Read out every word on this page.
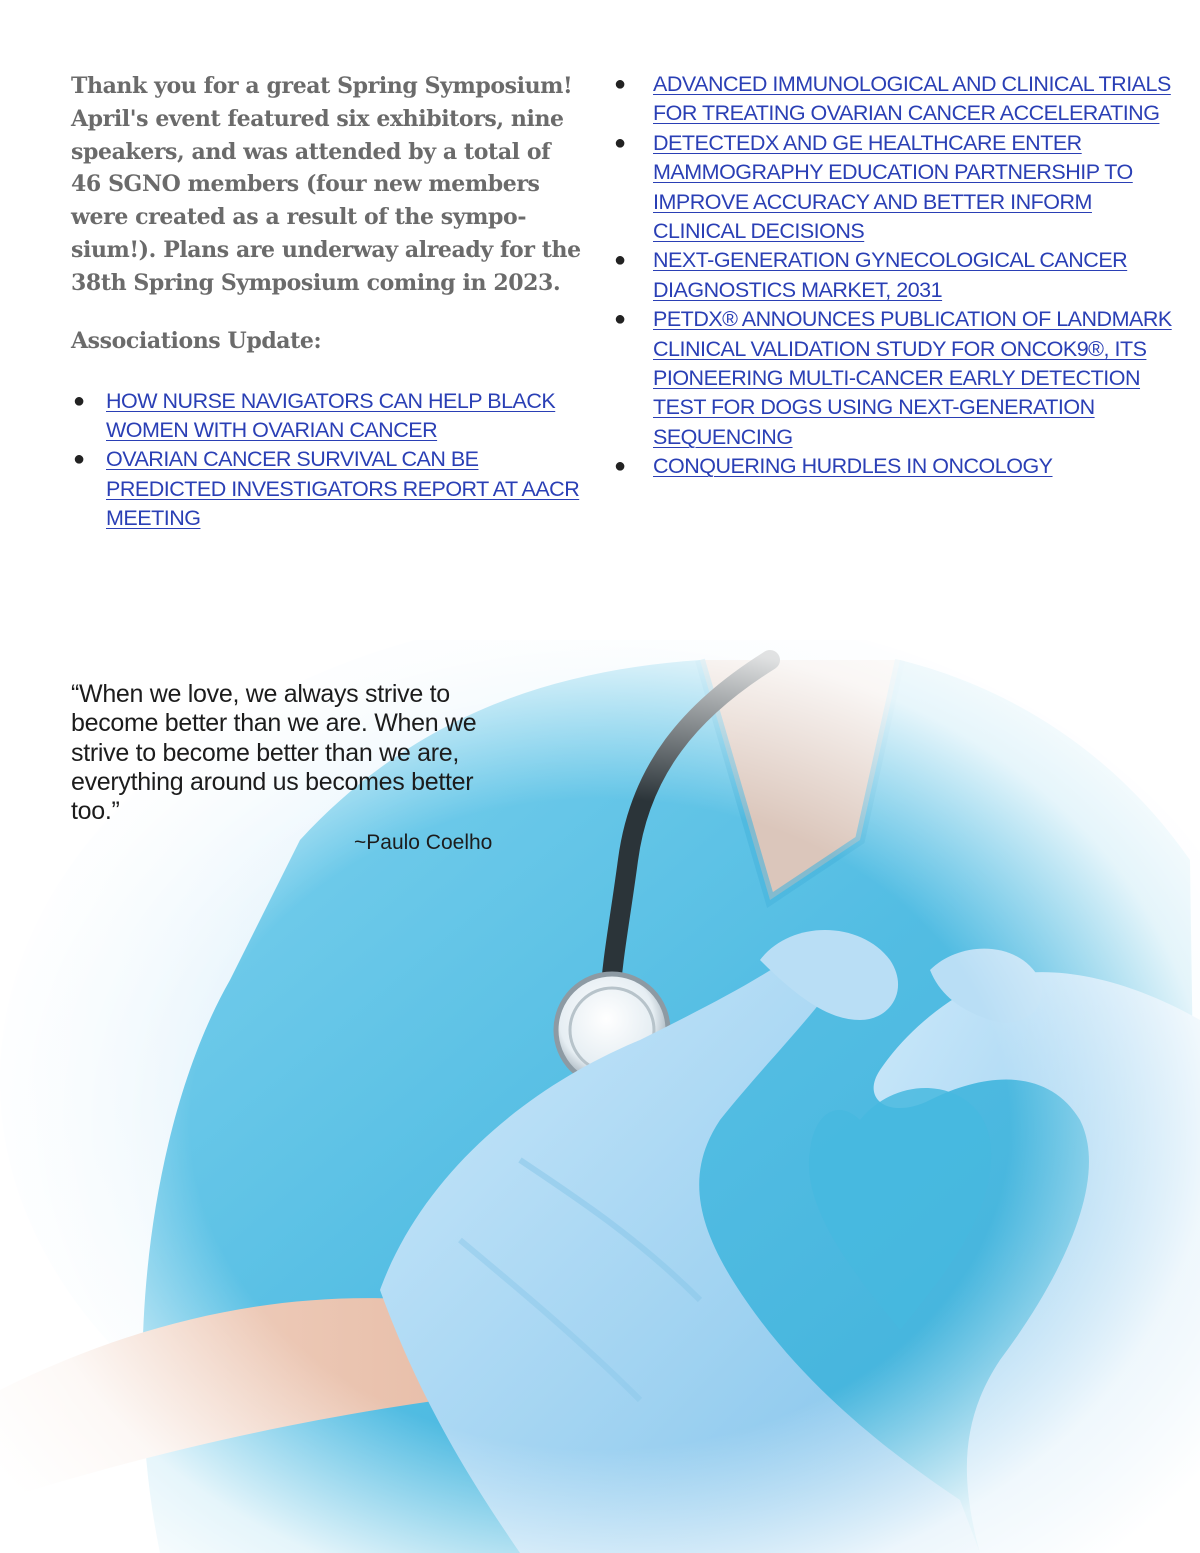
Thank you for a great Spring Symposium! April's event featured six exhibitors, nine speakers, and was attended by a total of 46 SGNO members (four new members were created as a result of the symposium!). Plans are underway already for the 38th Spring Symposium coming in 2023.

Associations Update:

● HOW NURSE NAVIGATORS CAN HELP BLACK WOMEN WITH OVARIAN CANCER
● OVARIAN CANCER SURVIVAL CAN BE PREDICTED INVESTIGATORS REPORT AT AACR MEETING
● ADVANCED IMMUNOLOGICAL AND CLINICAL TRIALS FOR TREATING OVARIAN CANCER ACCELERATING
● DETECTEDX AND GE HEALTHCARE ENTER MAMMOGRAPHY EDUCATION PARTNERSHIP TO IMPROVE ACCURACY AND BETTER INFORM CLINICAL DECISIONS
● NEXT-GENERATION GYNECOLOGICAL CANCER DIAGNOSTICS MARKET, 2031
● PETDX® ANNOUNCES PUBLICATION OF LANDMARK CLINICAL VALIDATION STUDY FOR ONCOK9®, ITS PIONEERING MULTI-CANCER EARLY DETECTION TEST FOR DOGS USING NEXT-GENERATION SEQUENCING
● CONQUERING HURDLES IN ONCOLOGY

“When we love, we always strive to become better than we are. When we strive to become better than we are, everything around us becomes better too.”

~Paulo Coelho
